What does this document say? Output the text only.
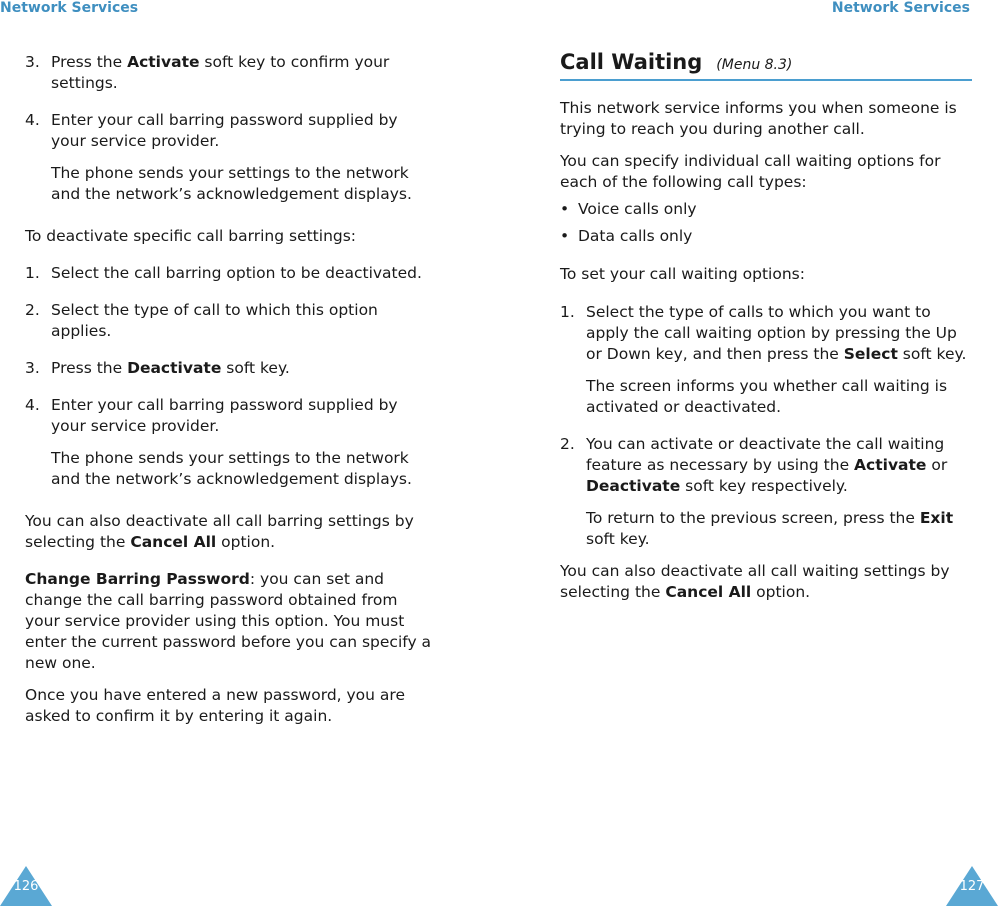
Network Services	Network Services
3. Press the Activate soft key to confirm your settings.
4. Enter your call barring password supplied by your service provider.

The phone sends your settings to the network and the network’s acknowledgement displays.

To deactivate specific call barring settings:

1. Select the call barring option to be deactivated.
2. Select the type of call to which this option applies.
3. Press the Deactivate soft key.
4. Enter your call barring password supplied by your service provider.

The phone sends your settings to the network and the network’s acknowledgement displays.

You can also deactivate all call barring settings by selecting the Cancel All option.

Change Barring Password: you can set and change the call barring password obtained from your service provider using this option. You must enter the current password before you can specify a new one.

Once you have entered a new password, you are asked to confirm it by entering it again.

Call Waiting (Menu 8.3)

This network service informs you when someone is trying to reach you during another call.

You can specify individual call waiting options for each of the following call types:

• Voice calls only
• Data calls only

To set your call waiting options:

1. Select the type of calls to which you want to apply the call waiting option by pressing the Up or Down key, and then press the Select soft key.

The screen informs you whether call waiting is activated or deactivated.

2. You can activate or deactivate the call waiting feature as necessary by using the Activate or Deactivate soft key respectively.

To return to the previous screen, press the Exit soft key.

You can also deactivate all call waiting settings by selecting the Cancel All option.

126	127
